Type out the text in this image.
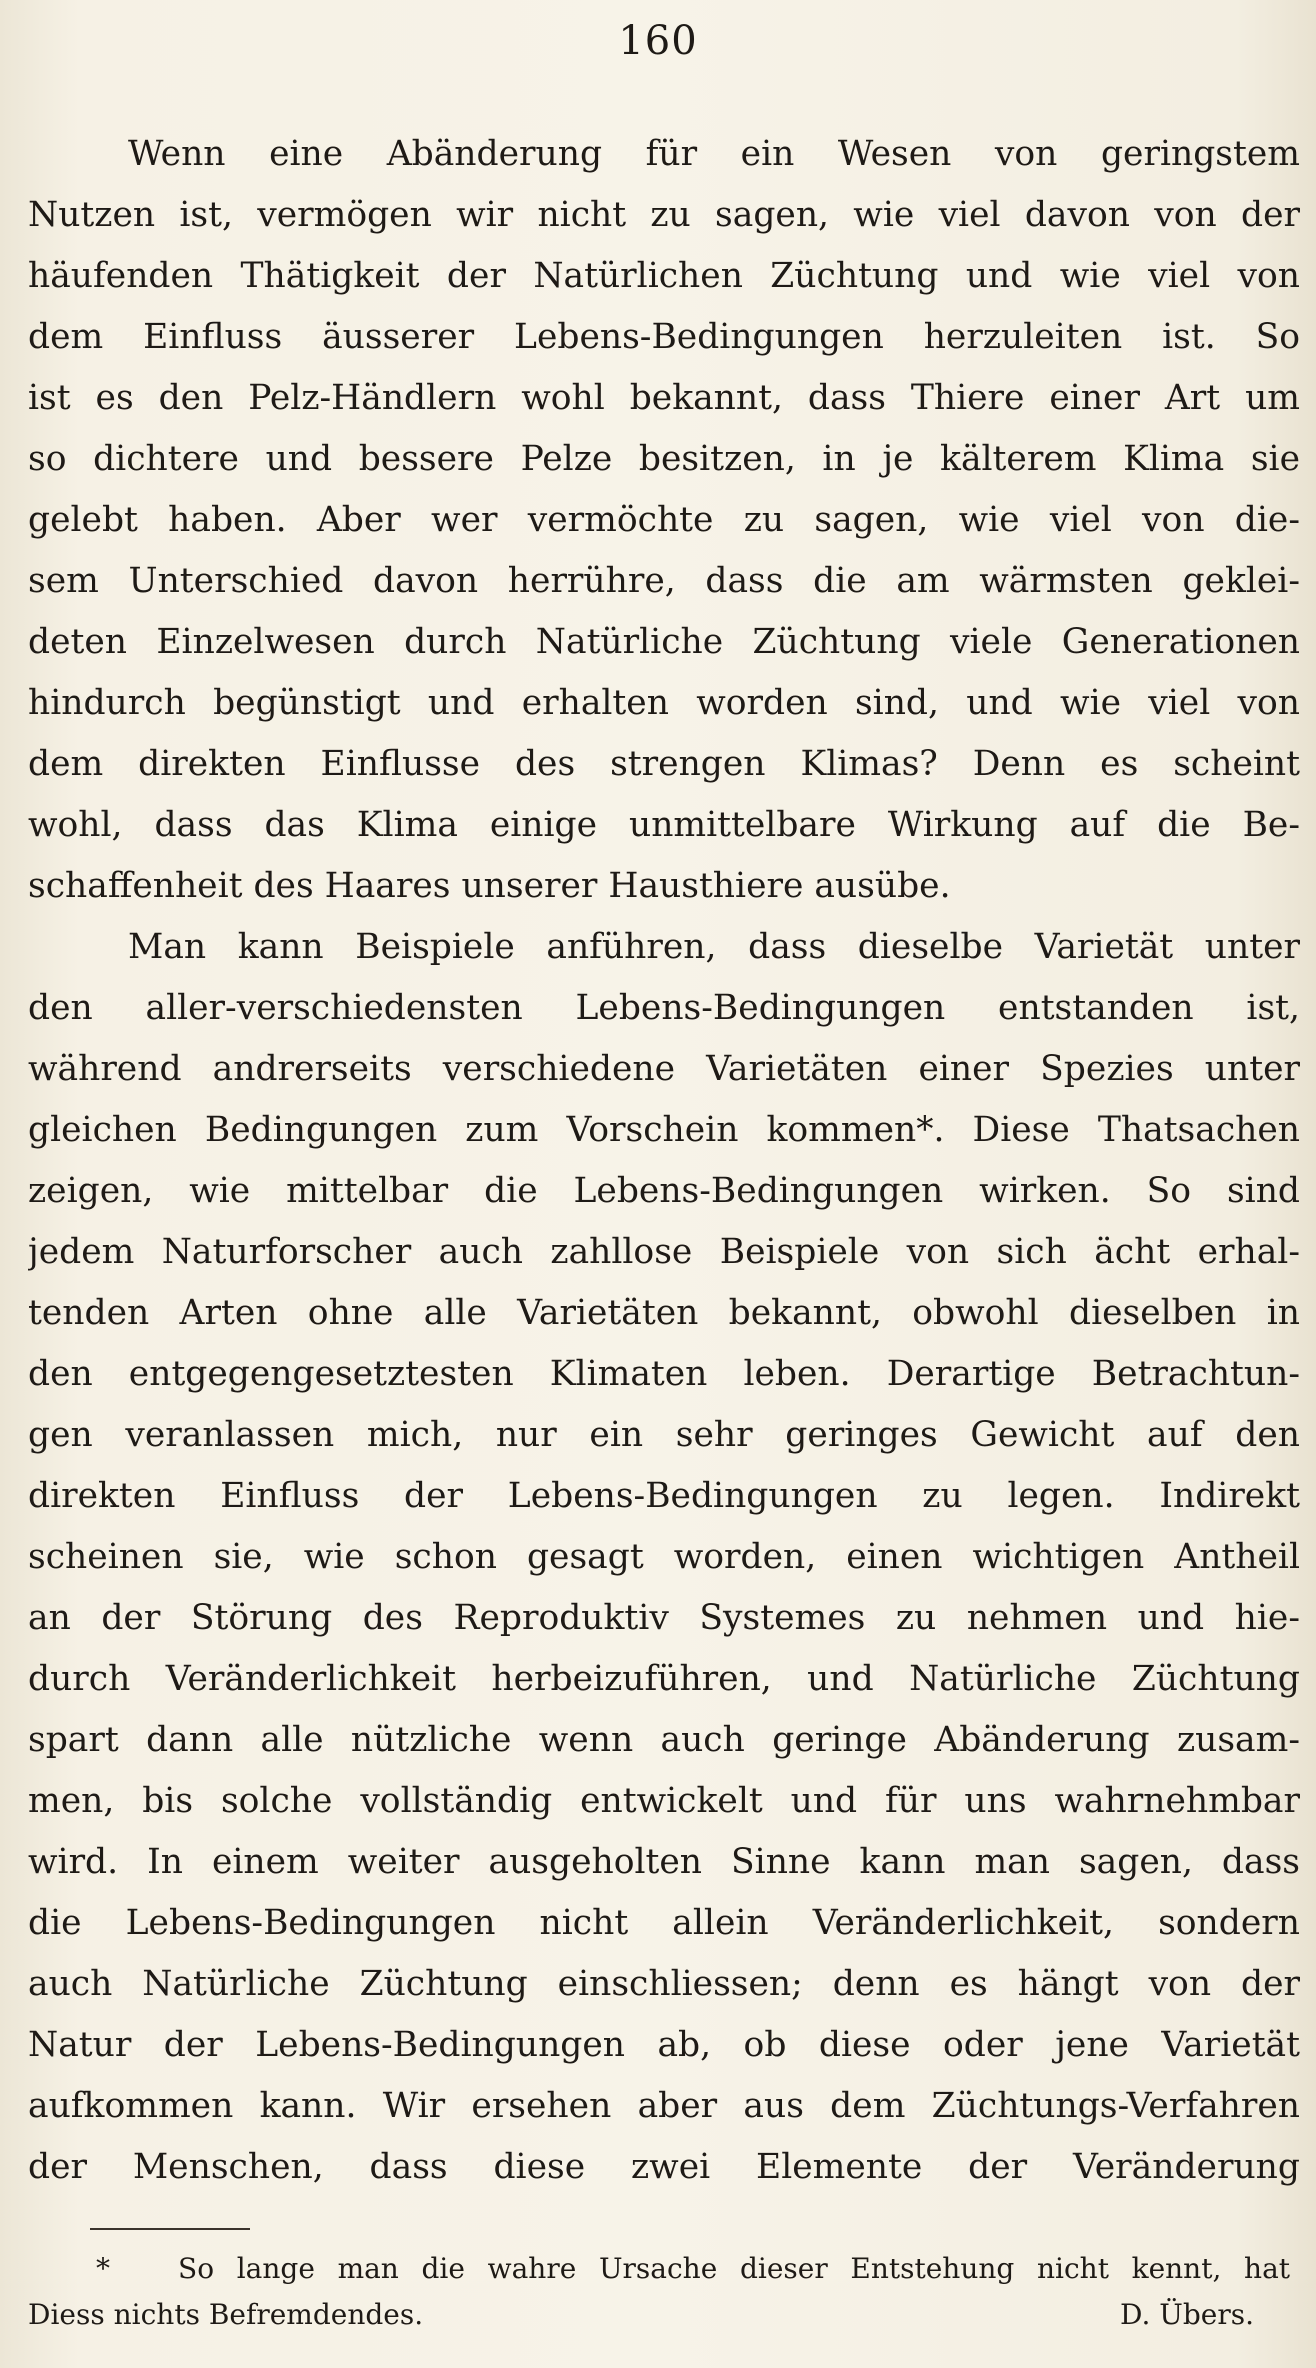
160
Wenn eine Abänderung für ein Wesen von geringstem
Nutzen ist, vermögen wir nicht zu sagen, wie viel davon von der
häufenden Thätigkeit der Natürlichen Züchtung und wie viel von
dem Einfluss äusserer Lebens-Bedingungen herzuleiten ist. So
ist es den Pelz-Händlern wohl bekannt, dass Thiere einer Art um
so dichtere und bessere Pelze besitzen, in je kälterem Klima sie
gelebt haben. Aber wer vermöchte zu sagen, wie viel von die-
sem Unterschied davon herrühre, dass die am wärmsten geklei-
deten Einzelwesen durch Natürliche Züchtung viele Generationen
hindurch begünstigt und erhalten worden sind, und wie viel von
dem direkten Einflusse des strengen Klimas? Denn es scheint
wohl, dass das Klima einige unmittelbare Wirkung auf die Be-
schaffenheit des Haares unserer Hausthiere ausübe.
Man kann Beispiele anführen, dass dieselbe Varietät unter
den aller-verschiedensten Lebens-Bedingungen entstanden ist,
während andrerseits verschiedene Varietäten einer Spezies unter
gleichen Bedingungen zum Vorschein kommen*. Diese Thatsachen
zeigen, wie mittelbar die Lebens-Bedingungen wirken. So sind
jedem Naturforscher auch zahllose Beispiele von sich ächt erhal-
tenden Arten ohne alle Varietäten bekannt, obwohl dieselben in
den entgegengesetztesten Klimaten leben. Derartige Betrachtun-
gen veranlassen mich, nur ein sehr geringes Gewicht auf den
direkten Einfluss der Lebens-Bedingungen zu legen. Indirekt
scheinen sie, wie schon gesagt worden, einen wichtigen Antheil
an der Störung des Reproduktiv Systemes zu nehmen und hie-
durch Veränderlichkeit herbeizuführen, und Natürliche Züchtung
spart dann alle nützliche wenn auch geringe Abänderung zusam-
men, bis solche vollständig entwickelt und für uns wahrnehmbar
wird. In einem weiter ausgeholten Sinne kann man sagen, dass
die Lebens-Bedingungen nicht allein Veränderlichkeit, sondern
auch Natürliche Züchtung einschliessen; denn es hängt von der
Natur der Lebens-Bedingungen ab, ob diese oder jene Varietät
aufkommen kann. Wir ersehen aber aus dem Züchtungs-Verfahren
der Menschen, dass diese zwei Elemente der Veränderung
* So lange man die wahre Ursache dieser Entstehung nicht kennt, hat
Diess nichts Befremdendes.	D. Übers.
